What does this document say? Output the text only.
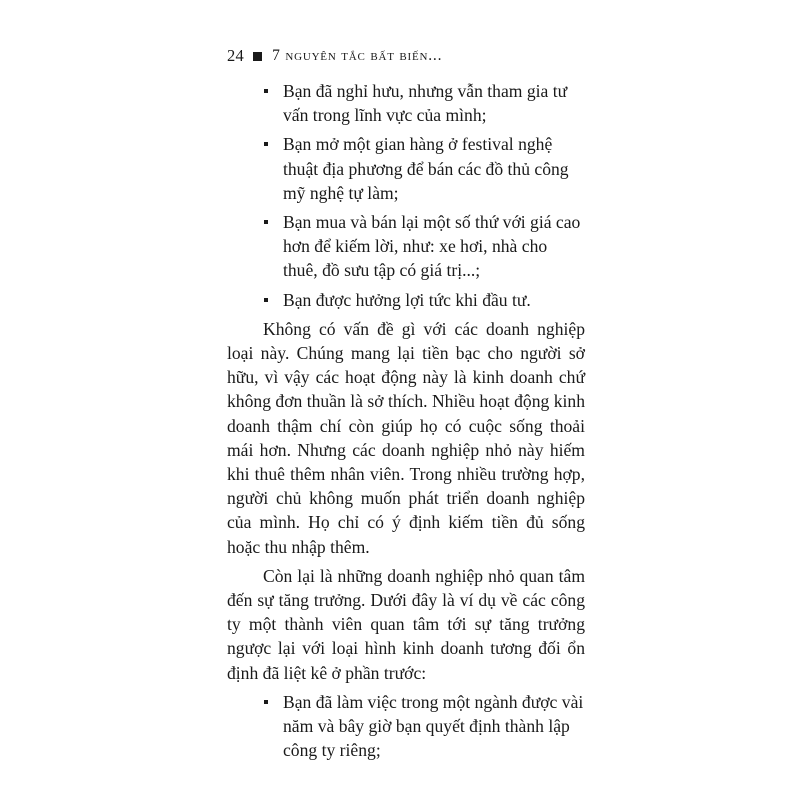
24 7 nguyên tắc bất biến...
Bạn đã nghỉ hưu, nhưng vẫn tham gia tư vấn trong lĩnh vực của mình;
Bạn mở một gian hàng ở festival nghệ thuật địa phương để bán các đồ thủ công mỹ nghệ tự làm;
Bạn mua và bán lại một số thứ với giá cao hơn để kiếm lời, như: xe hơi, nhà cho thuê, đồ sưu tập có giá trị...;
Bạn được hưởng lợi tức khi đầu tư.

Không có vấn đề gì với các doanh nghiệp loại này. Chúng mang lại tiền bạc cho người sở hữu, vì vậy các hoạt động này là kinh doanh chứ không đơn thuần là sở thích. Nhiều hoạt động kinh doanh thậm chí còn giúp họ có cuộc sống thoải mái hơn. Nhưng các doanh nghiệp nhỏ này hiếm khi thuê thêm nhân viên. Trong nhiều trường hợp, người chủ không muốn phát triển doanh nghiệp của mình. Họ chỉ có ý định kiếm tiền đủ sống hoặc thu nhập thêm.

Còn lại là những doanh nghiệp nhỏ quan tâm đến sự tăng trưởng. Dưới đây là ví dụ về các công ty một thành viên quan tâm tới sự tăng trưởng ngược lại với loại hình kinh doanh tương đối ổn định đã liệt kê ở phần trước:

Bạn đã làm việc trong một ngành được vài năm và bây giờ bạn quyết định thành lập công ty riêng;
